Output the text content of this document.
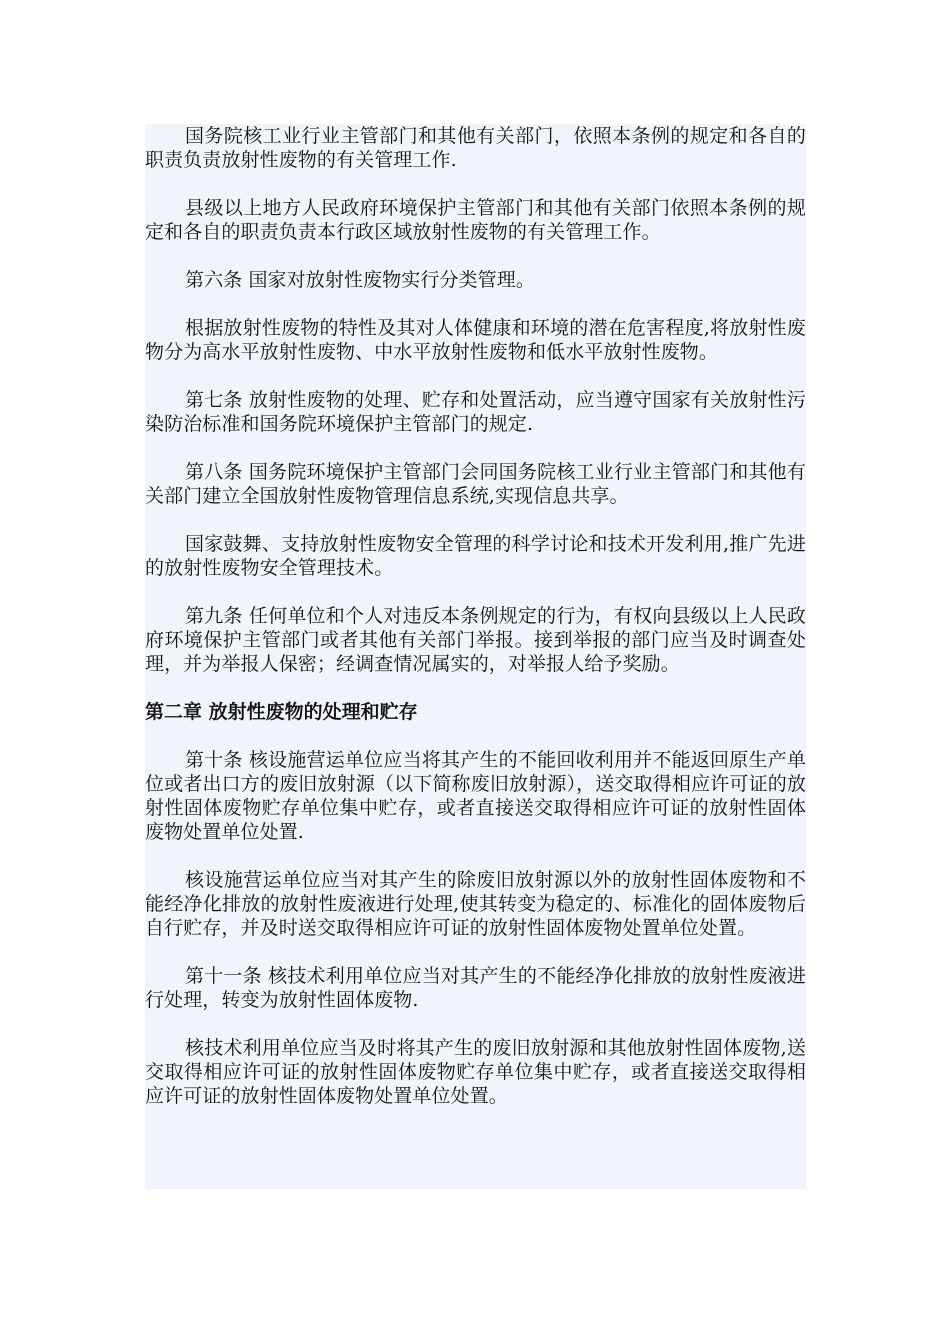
国务院核工业行业主管部门和其他有关部门，依照本条例的规定和各自的职责负责放射性废物的有关管理工作.

县级以上地方人民政府环境保护主管部门和其他有关部门依照本条例的规定和各自的职责负责本行政区域放射性废物的有关管理工作。

第六条 国家对放射性废物实行分类管理。

根据放射性废物的特性及其对人体健康和环境的潜在危害程度,将放射性废物分为高水平放射性废物、中水平放射性废物和低水平放射性废物。

第七条 放射性废物的处理、贮存和处置活动，应当遵守国家有关放射性污染防治标准和国务院环境保护主管部门的规定.

第八条 国务院环境保护主管部门会同国务院核工业行业主管部门和其他有关部门建立全国放射性废物管理信息系统,实现信息共享。

国家鼓舞、支持放射性废物安全管理的科学讨论和技术开发利用,推广先进的放射性废物安全管理技术。

第九条 任何单位和个人对违反本条例规定的行为，有权向县级以上人民政府环境保护主管部门或者其他有关部门举报。接到举报的部门应当及时调查处理，并为举报人保密；经调查情况属实的，对举报人给予奖励。

第二章 放射性废物的处理和贮存

第十条 核设施营运单位应当将其产生的不能回收利用并不能返回原生产单位或者出口方的废旧放射源（以下简称废旧放射源），送交取得相应许可证的放射性固体废物贮存单位集中贮存，或者直接送交取得相应许可证的放射性固体废物处置单位处置.

核设施营运单位应当对其产生的除废旧放射源以外的放射性固体废物和不能经净化排放的放射性废液进行处理,使其转变为稳定的、标准化的固体废物后自行贮存，并及时送交取得相应许可证的放射性固体废物处置单位处置。

第十一条 核技术利用单位应当对其产生的不能经净化排放的放射性废液进行处理，转变为放射性固体废物.

核技术利用单位应当及时将其产生的废旧放射源和其他放射性固体废物,送交取得相应许可证的放射性固体废物贮存单位集中贮存，或者直接送交取得相应许可证的放射性固体废物处置单位处置。
